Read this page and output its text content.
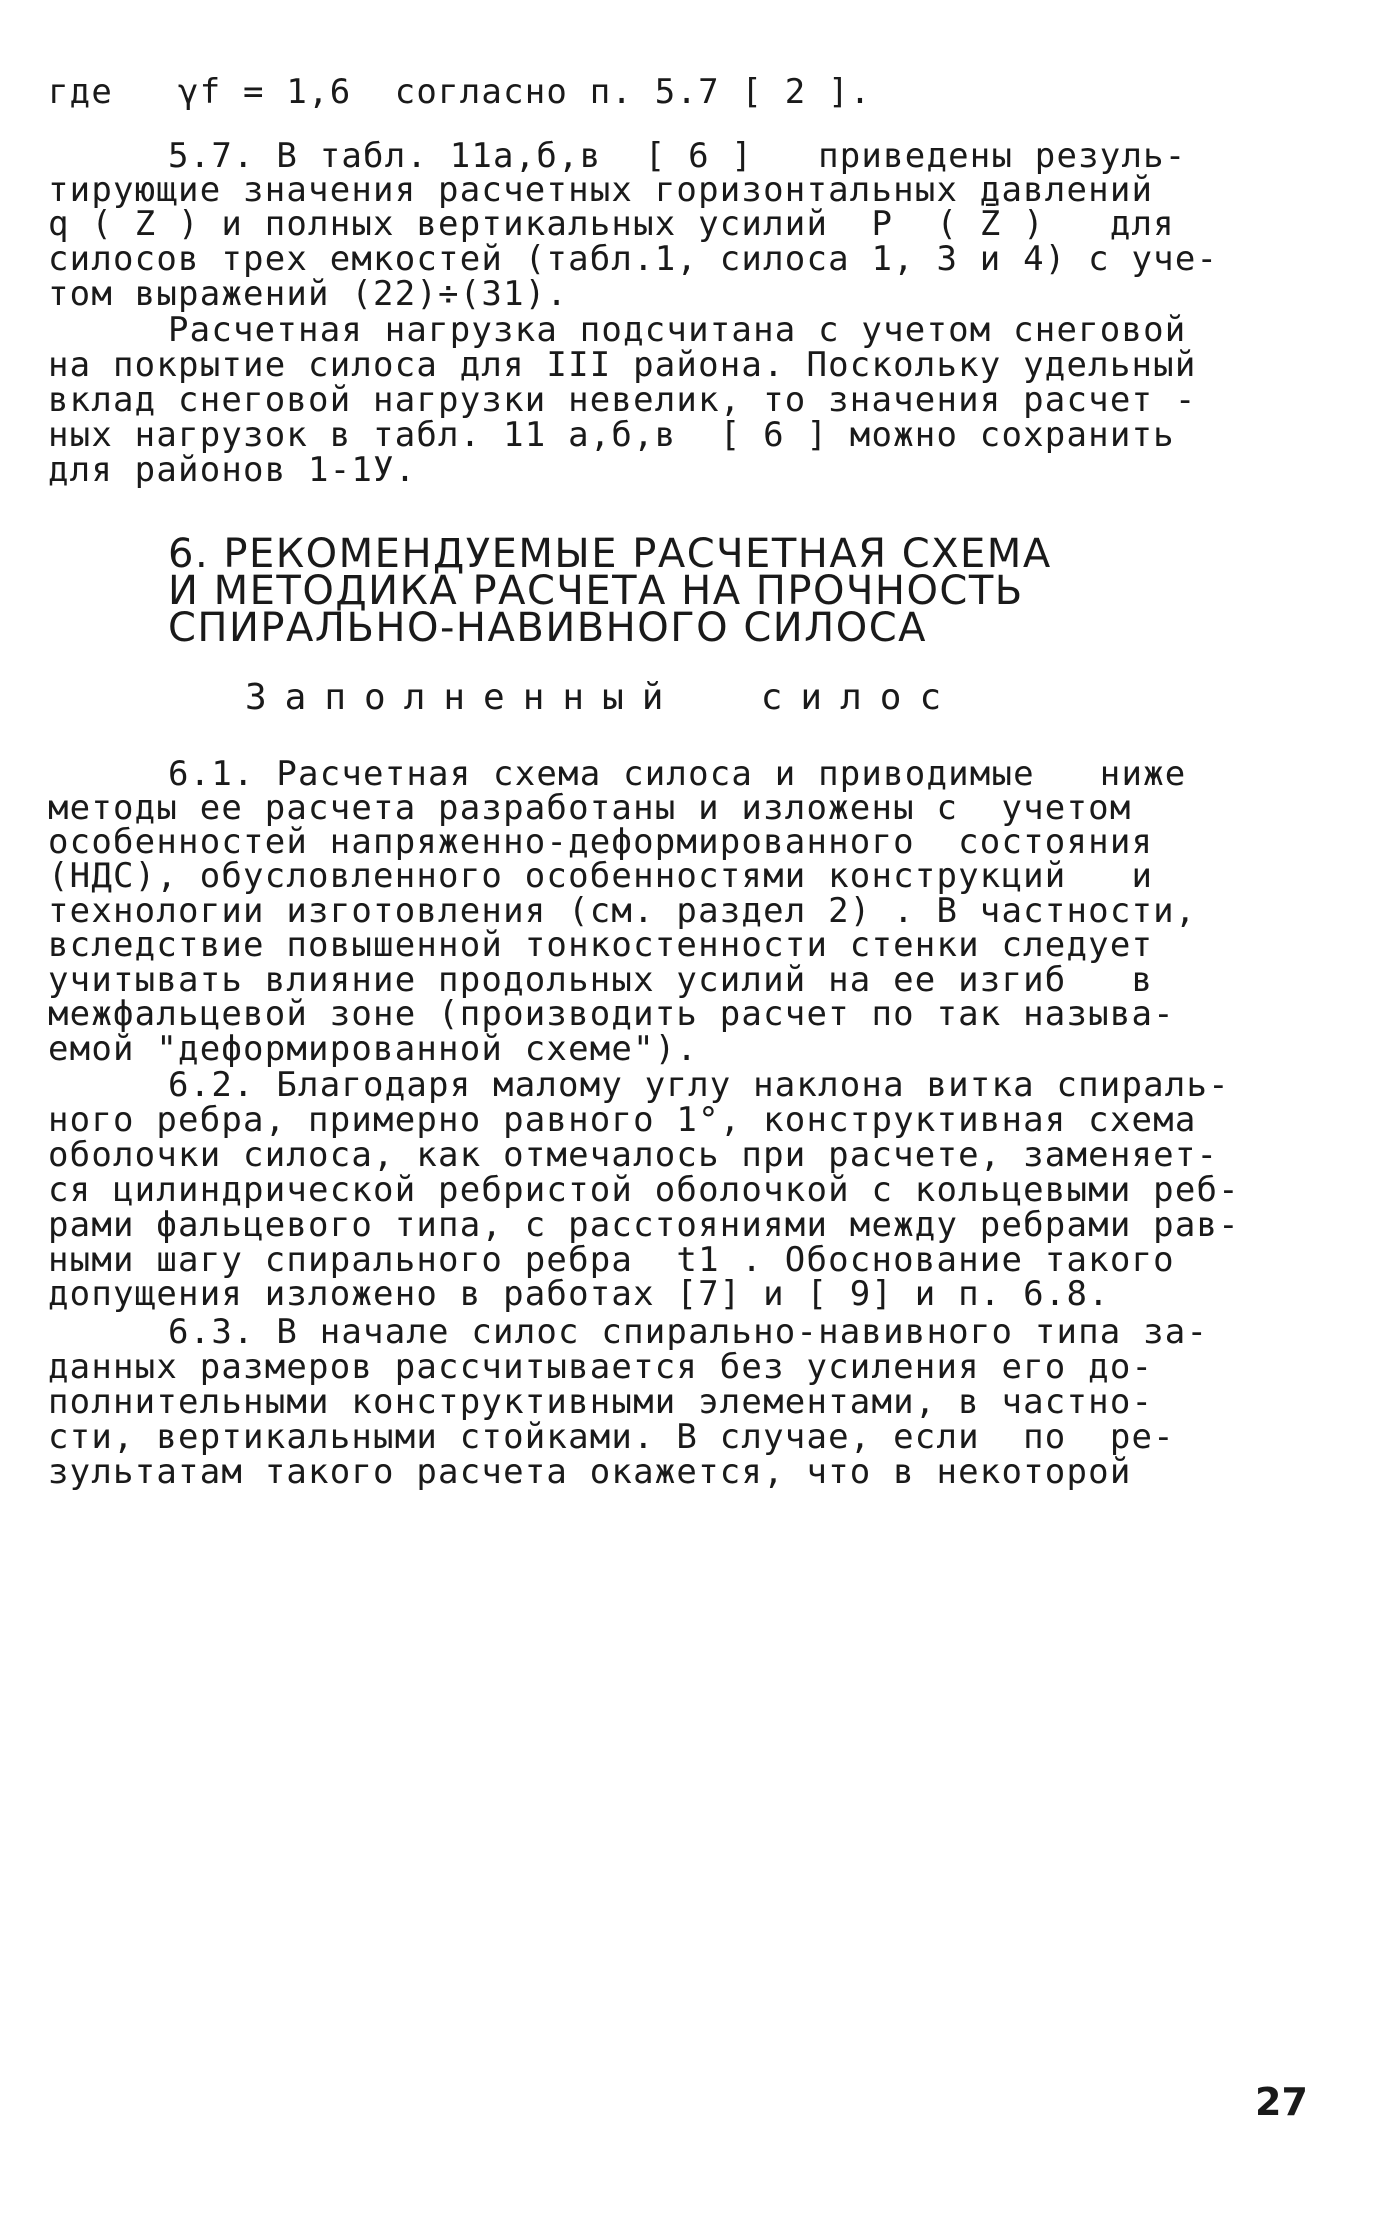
где   γf = 1,6  согласно п. 5.7 [ 2 ].
5.7. В табл. 11а,б,в  [ 6 ]   приведены резуль-
тирующие значения расчетных горизонтальных давлений
q ( Z ) и полных вертикальных усилий  P  ( Z̄ )   для
силосов трех емкостей (табл.1, силоса 1, 3 и 4) с уче-
том выражений (22)÷(31).
Расчетная нагрузка подсчитана с учетом снеговой
на покрытие силоса для III района. Поскольку удельный
вклад снеговой нагрузки невелик, то значения расчет -
ных нагрузок в табл. 11 а,б,в  [ 6 ] можно сохранить
для районов 1-1У.
6. РЕКОМЕНДУЕМЫЕ РАСЧЕТНАЯ СХЕМА
И МЕТОДИКА РАСЧЕТА НА ПРОЧНОСТЬ
СПИРАЛЬНО-НАВИВНОГО СИЛОСА
Заполненный  силос
6.1. Расчетная схема силоса и приводимые   ниже
методы ее расчета разработаны и изложены с  учетом
особенностей напряженно-деформированного  состояния
(НДС), обусловленного особенностями конструкций   и
технологии изготовления (см. раздел 2) . В частности,
вследствие повышенной тонкостенности стенки следует
учитывать влияние продольных усилий на ее изгиб   в
межфальцевой зоне (производить расчет по так называ-
емой "деформированной схеме").
6.2. Благодаря малому углу наклона витка спираль-
ного ребра, примерно равного 1°, конструктивная схема
оболочки силоса, как отмечалось при расчете, заменяет-
ся цилиндрической ребристой оболочкой с кольцевыми реб-
рами фальцевого типа, с расстояниями между ребрами рав-
ными шагу спирального ребра  t1 . Обоснование такого
допущения изложено в работах [7] и [ 9] и п. 6.8.
6.3. В начале силос спирально-навивного типа за-
данных размеров рассчитывается без усиления его до-
полнительными конструктивными элементами, в частно-
сти, вертикальными стойками. В случае, если  по  ре-
зультатам такого расчета окажется, что в некоторой
27
